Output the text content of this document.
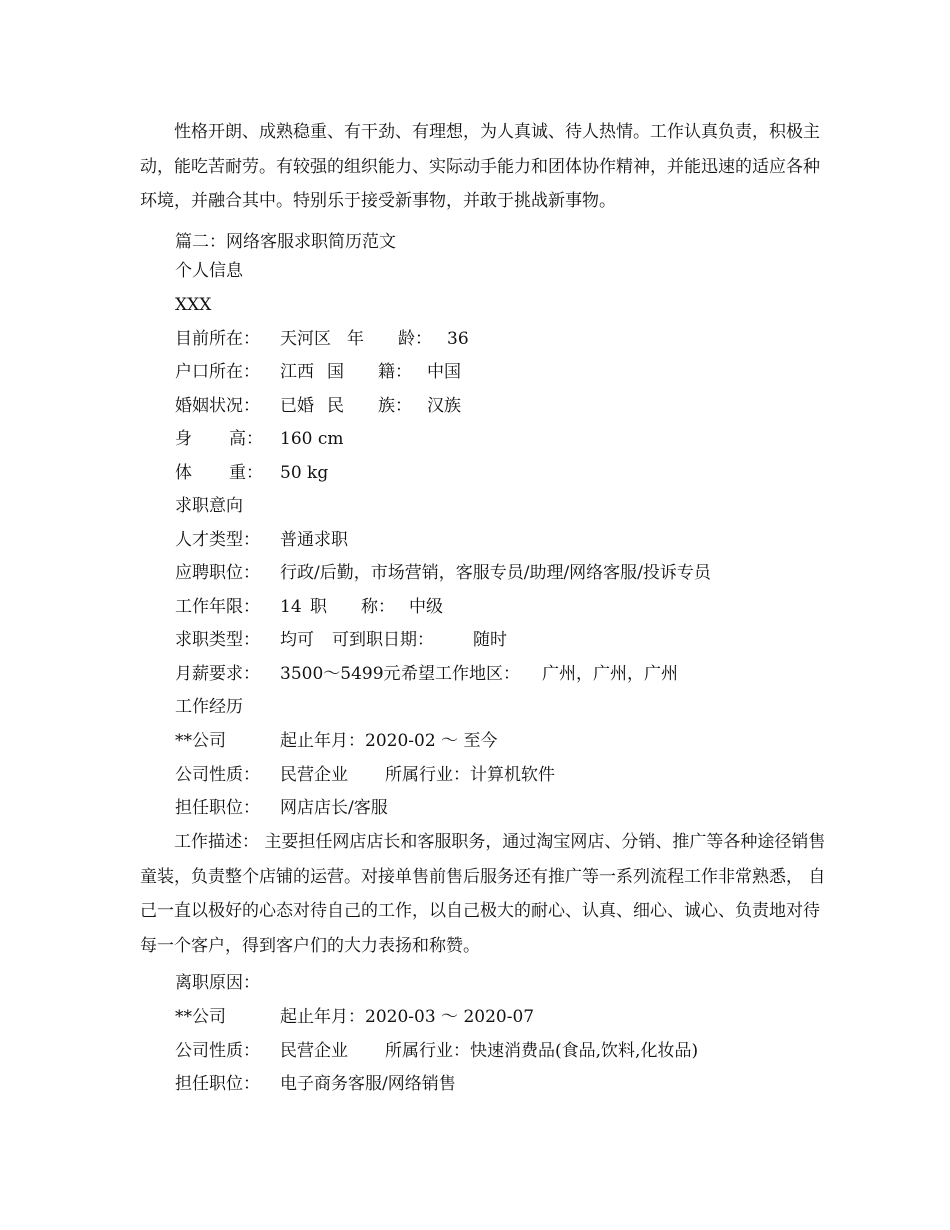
性格开朗、成熟稳重、有干劲、有理想，为人真诚、待人热情。工作认真负责，积极主动，能吃苦耐劳。有较强的组织能力、实际动手能力和团体协作精神，并能迅速的适应各种环境，并融合其中。特别乐于接受新事物，并敢于挑战新事物。

篇二：网络客服求职简历范文
个人信息
XXX
目前所在： 天河区 年　　龄： 36
户口所在： 江西 国　　籍： 中国
婚姻状况： 已婚 民　　族： 汉族
身 高： 160 cm
体 重： 50 kg
求职意向
人才类型： 普通求职
应聘职位： 行政/后勤，市场营销，客服专员/助理/网络客服/投诉专员
工作年限： 14 职　　称： 中级
求职类型： 均可 可到职日期： 随时
月薪要求： 3500～5499元 希望工作地区： 广州，广州，广州
工作经历
**公司	起止年月：2020-02 ～ 至今
公司性质： 民营企业 所属行业：计算机软件
担任职位： 网店店长/客服

工作描述： 主要担任网店店长和客服职务，通过淘宝网店、分销、推广等各种途径销售童装，负责整个店铺的运营。对接单售前售后服务还有推广等一系列流程工作非常熟悉， 自己一直以极好的心态对待自己的工作，以自己极大的耐心、认真、细心、诚心、负责地对待每一个客户，得到客户们的大力表扬和称赞。

离职原因：
**公司	起止年月：2020-03 ～ 2020-07
公司性质： 民营企业 所属行业：快速消费品(食品,饮料,化妆品)
担任职位： 电子商务客服/网络销售
